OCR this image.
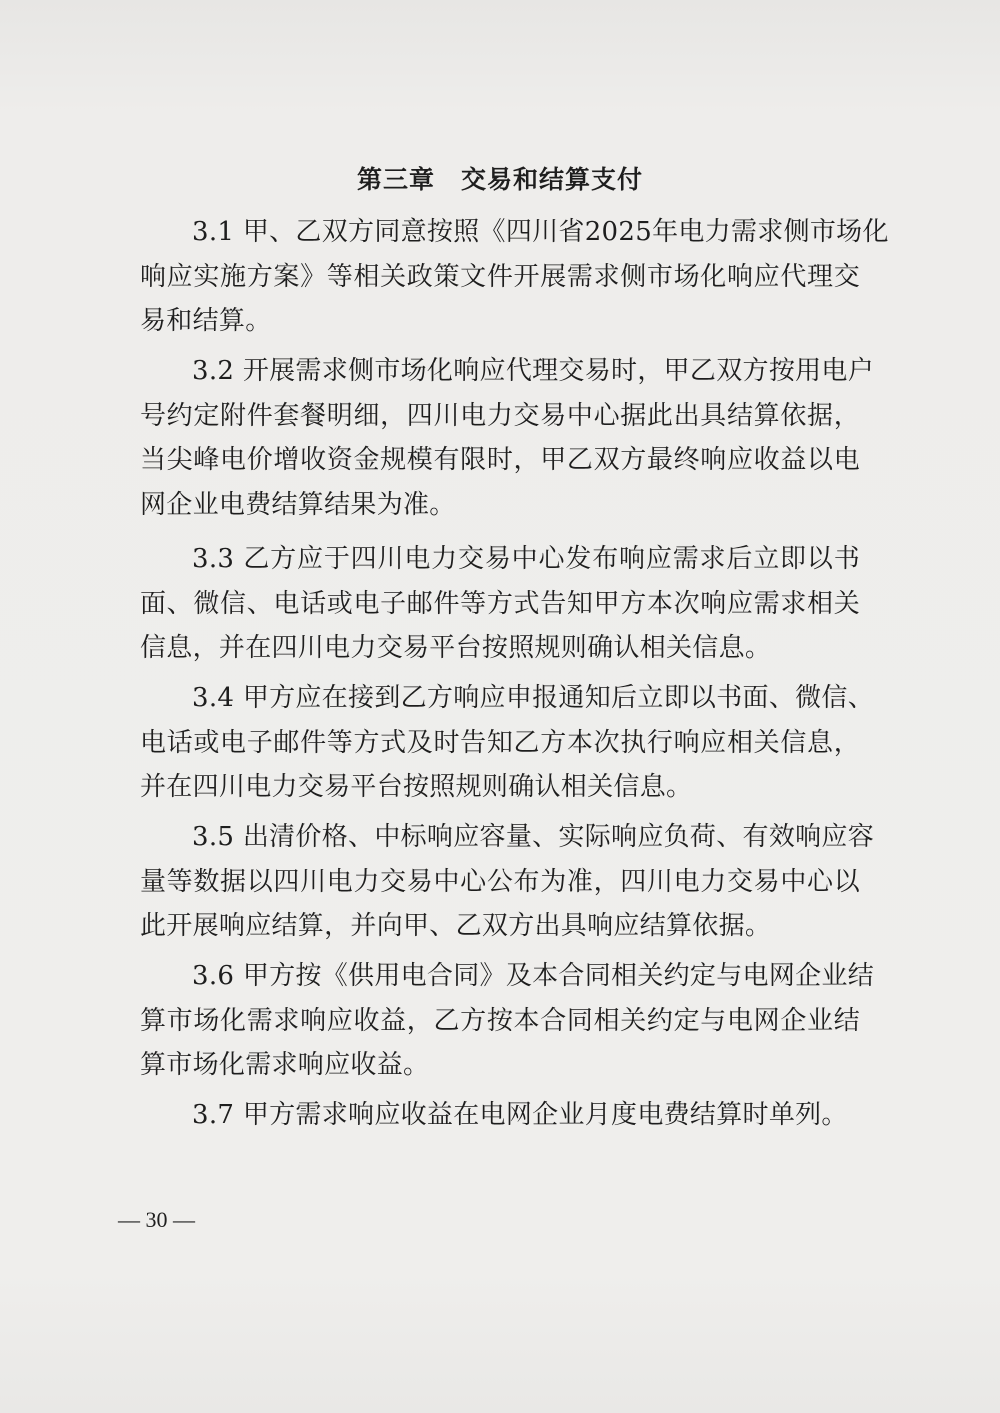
第三章　交易和结算支付
3.1 甲、乙双方同意按照《四川省2025年电力需求侧市场化
响应实施方案》等相关政策文件开展需求侧市场化响应代理交
易和结算。
3.2 开展需求侧市场化响应代理交易时，甲乙双方按用电户
号约定附件套餐明细，四川电力交易中心据此出具结算依据，
当尖峰电价增收资金规模有限时，甲乙双方最终响应收益以电
网企业电费结算结果为准。
3.3 乙方应于四川电力交易中心发布响应需求后立即以书
面、微信、电话或电子邮件等方式告知甲方本次响应需求相关
信息，并在四川电力交易平台按照规则确认相关信息。
3.4 甲方应在接到乙方响应申报通知后立即以书面、微信、
电话或电子邮件等方式及时告知乙方本次执行响应相关信息，
并在四川电力交易平台按照规则确认相关信息。
3.5 出清价格、中标响应容量、实际响应负荷、有效响应容
量等数据以四川电力交易中心公布为准，四川电力交易中心以
此开展响应结算，并向甲、乙双方出具响应结算依据。
3.6 甲方按《供用电合同》及本合同相关约定与电网企业结
算市场化需求响应收益，乙方按本合同相关约定与电网企业结
算市场化需求响应收益。
3.7 甲方需求响应收益在电网企业月度电费结算时单列。
— 30 —
